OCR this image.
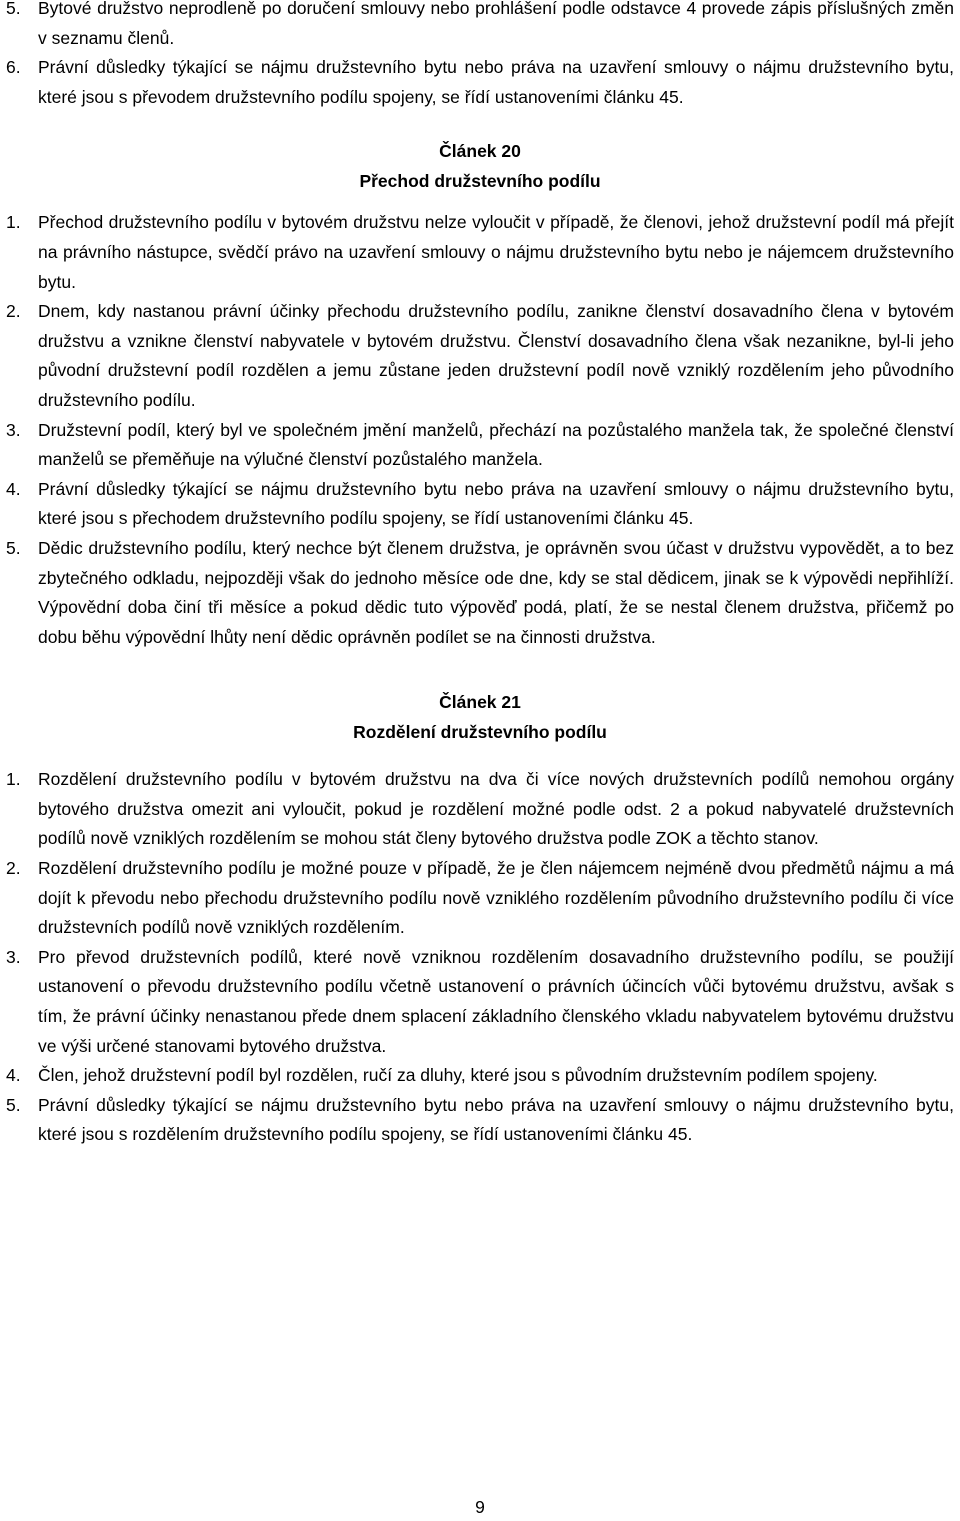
5. Bytové družstvo neprodleně po doručení smlouvy nebo prohlášení podle odstavce 4 provede zápis příslušných změn v seznamu členů.
6. Právní důsledky týkající se nájmu družstevního bytu nebo práva na uzavření smlouvy o nájmu družstevního bytu, které jsou s převodem družstevního podílu spojeny, se řídí ustanoveními článku 45.
Článek 20
Přechod družstevního podílu
1. Přechod družstevního podílu v bytovém družstvu nelze vyloučit v případě, že členovi, jehož družstevní podíl má přejít na právního nástupce, svědčí právo na uzavření smlouvy o nájmu družstevního bytu nebo je nájemcem družstevního bytu.
2. Dnem, kdy nastanou právní účinky přechodu družstevního podílu, zanikne členství dosavadního člena v bytovém družstvu a vznikne členství nabyvatele v bytovém družstvu. Členství dosavadního člena však nezanikne, byl-li jeho původní družstevní podíl rozdělen a jemu zůstane jeden družstevní podíl nově vzniklý rozdělením jeho původního družstevního podílu.
3. Družstevní podíl, který byl ve společném jmění manželů, přechází na pozůstalého manžela tak, že společné členství manželů se přeměňuje na výlučné členství pozůstalého manžela.
4. Právní důsledky týkající se nájmu družstevního bytu nebo práva na uzavření smlouvy o nájmu družstevního bytu, které jsou s přechodem družstevního podílu spojeny, se řídí ustanoveními článku 45.
5. Dědic družstevního podílu, který nechce být členem družstva, je oprávněn svou účast v družstvu vypovědět, a to bez zbytečného odkladu, nejpozději však do jednoho měsíce ode dne, kdy se stal dědicem, jinak se k výpovědi nepřihlíží. Výpovědní doba činí tři měsíce a pokud dědic tuto výpověď podá, platí, že se nestal členem družstva, přičemž po dobu běhu výpovědní lhůty není dědic oprávněn podílet se na činnosti družstva.
Článek 21
Rozdělení družstevního podílu
1. Rozdělení družstevního podílu v bytovém družstvu na dva či více nových družstevních podílů nemohou orgány bytového družstva omezit ani vyloučit, pokud je rozdělení možné podle odst. 2 a pokud nabyvatelé družstevních podílů nově vzniklých rozdělením se mohou stát členy bytového družstva podle ZOK a těchto stanov.
2. Rozdělení družstevního podílu je možné pouze v případě, že je člen nájemcem nejméně dvou předmětů nájmu a má dojít k převodu nebo přechodu družstevního podílu nově vzniklého rozdělením původního družstevního podílu či více družstevních podílů nově vzniklých rozdělením.
3. Pro převod družstevních podílů, které nově vzniknou rozdělením dosavadního družstevního podílu, se použijí ustanovení o převodu družstevního podílu včetně ustanovení o právních účincích vůči bytovému družstvu, avšak s tím, že právní účinky nenastanou přede dnem splacení základního členského vkladu nabyvatelem bytovému družstvu ve výši určené stanovami bytového družstva.
4. Člen, jehož družstevní podíl byl rozdělen, ručí za dluhy, které jsou s původním družstevním podílem spojeny.
5. Právní důsledky týkající se nájmu družstevního bytu nebo práva na uzavření smlouvy o nájmu družstevního bytu, které jsou s rozdělením družstevního podílu spojeny, se řídí ustanoveními článku 45.
9
